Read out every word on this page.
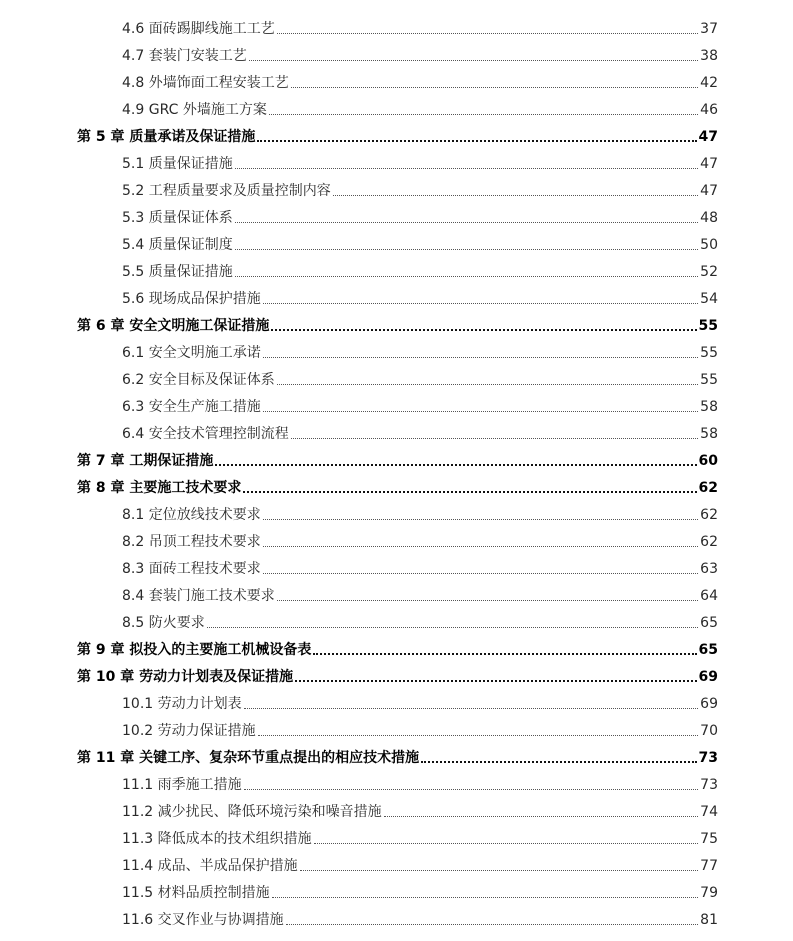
4.6 面砖踢脚线施工工艺	37
4.7 套装门安装工艺	38
4.8 外墙饰面工程安装工艺	42
4.9 GRC 外墙施工方案	46
第 5 章 质量承诺及保证措施	47
5.1 质量保证措施	47
5.2 工程质量要求及质量控制内容	47
5.3 质量保证体系	48
5.4 质量保证制度	50
5.5 质量保证措施	52
5.6 现场成品保护措施	54
第 6 章 安全文明施工保证措施	55
6.1 安全文明施工承诺	55
6.2 安全目标及保证体系	55
6.3 安全生产施工措施	58
6.4 安全技术管理控制流程	58
第 7 章 工期保证措施	60
第 8 章 主要施工技术要求	62
8.1 定位放线技术要求	62
8.2 吊顶工程技术要求	62
8.3 面砖工程技术要求	63
8.4 套装门施工技术要求	64
8.5 防火要求	65
第 9 章 拟投入的主要施工机械设备表	65
第 10 章 劳动力计划表及保证措施	69
10.1 劳动力计划表	69
10.2 劳动力保证措施	70
第 11 章 关键工序、复杂环节重点提出的相应技术措施	73
11.1 雨季施工措施	73
11.2 减少扰民、降低环境污染和噪音措施	74
11.3 降低成本的技术组织措施	75
11.4 成品、半成品保护措施	77
11.5 材料品质控制措施	79
11.6 交叉作业与协调措施	81
